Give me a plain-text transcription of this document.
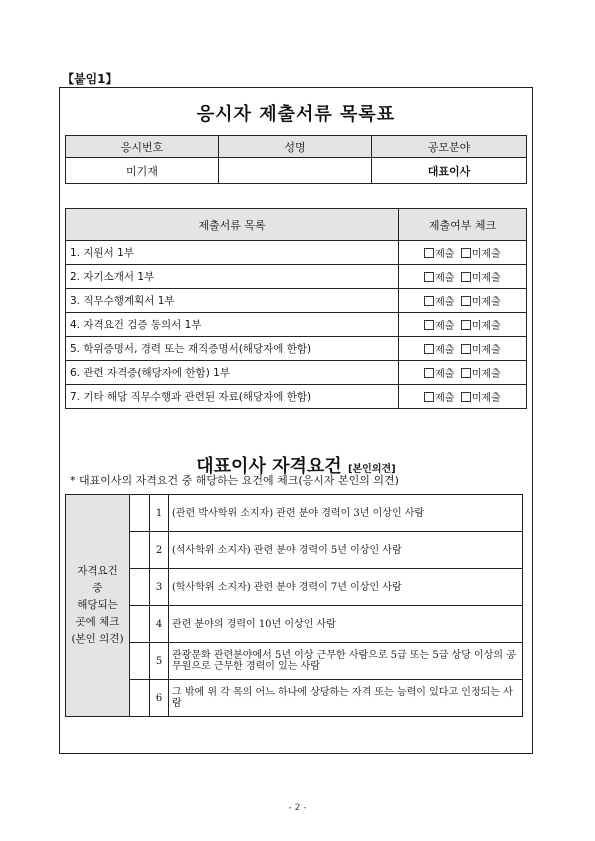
【붙임1】
응시자 제출서류 목록표
응시번호	성명	공모분야
미기재		대표이사
제출서류 목록	제출여부 체크
1. 지원서 1부	제출 미제출
2. 자기소개서 1부	제출 미제출
3. 직무수행계획서 1부	제출 미제출
4. 자격요건 검증 동의서 1부	제출 미제출
5. 학위증명서, 경력 또는 재직증명서(해당자에 한함)	제출 미제출
6. 관련 자격증(해당자에 한함) 1부	제출 미제출
7. 기타 해당 직무수행과 관련된 자료(해당자에 한함)	제출 미제출
대표이사 자격요건 [본인의견]
* 대표이사의 자격요건 중 해당하는 요건에 체크(응시자 본인의 의견)
자격요건
중
해당되는
곳에 체크
(본인 의견)		1	(관련 박사학위 소지자) 관련 분야 경력이 3년 이상인 사람
		2	(석사학위 소지자) 관련 분야 경력이 5년 이상인 사람
		3	(학사학위 소지자) 관련 분야 경력이 7년 이상인 사람
		4	관련 분야의 경력이 10년 이상인 사람
		5	관광문화 관련분야에서 5년 이상 근무한 사람으로 5급 또는 5급 상당 이상의 공무원으로 근무한 경력이 있는 사람
		6	그 밖에 위 각 목의 어느 하나에 상당하는 자격 또는 능력이 있다고 인정되는 사람
- 2 -
